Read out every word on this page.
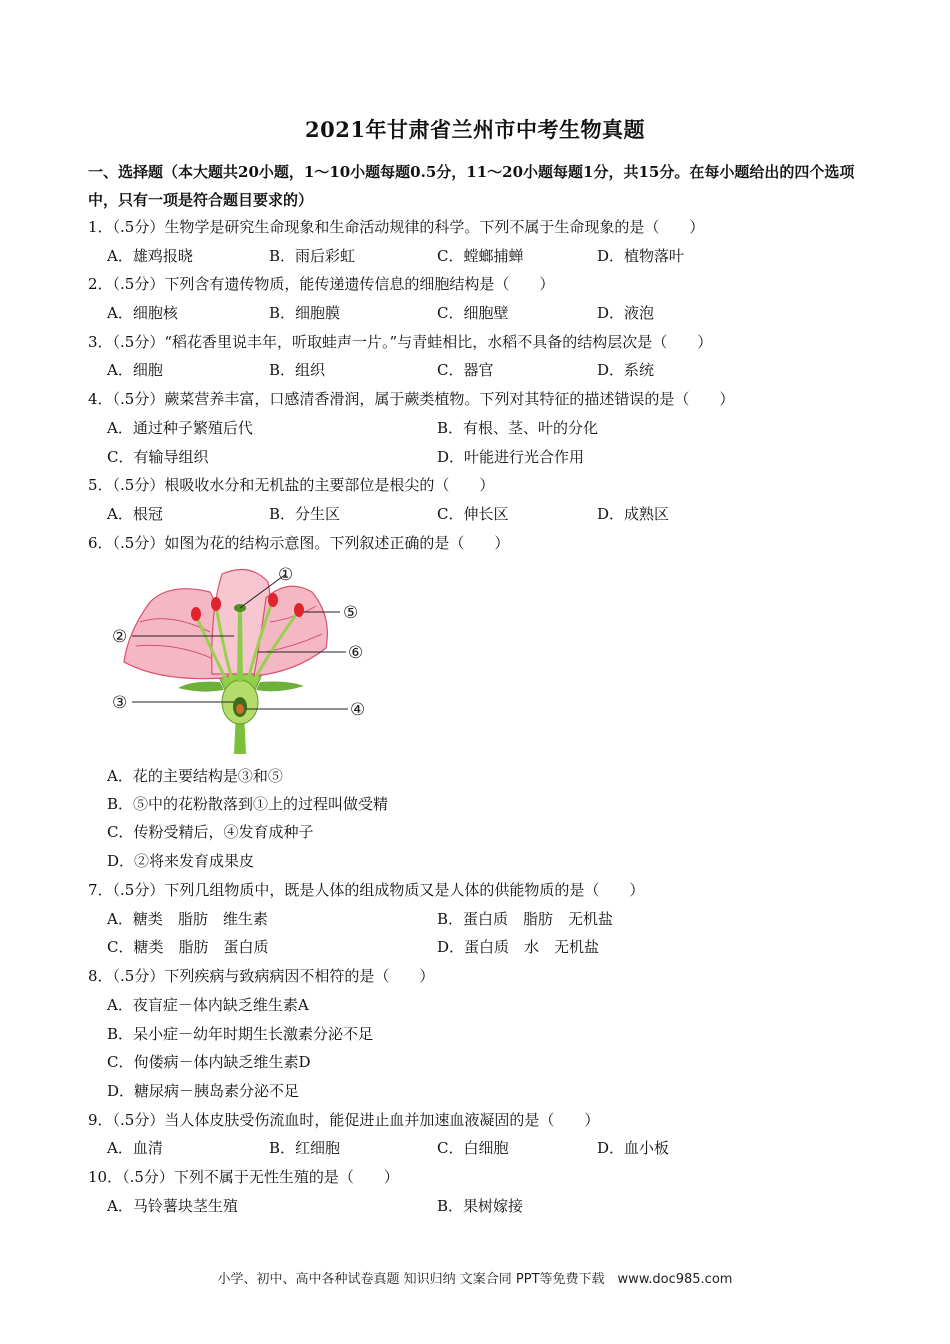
2021年甘肃省兰州市中考生物真题
一、选择题（本大题共20小题，1～10小题每题0.5分，11～20小题每题1分，共15分。在每小题给出的四个选项中，只有一项是符合题目要求的）
1．（.5分）生物学是研究生命现象和生命活动规律的科学。下列不属于生命现象的是（　　）
A．雄鸡报晓	B．雨后彩虹	C．螳螂捕蝉	D．植物落叶
2．（.5分）下列含有遗传物质，能传递遗传信息的细胞结构是（　　）
A．细胞核	B．细胞膜	C．细胞壁	D．液泡
3．（.5分）“稻花香里说丰年，听取蛙声一片。”与青蛙相比，水稻不具备的结构层次是（　　）
A．细胞	B．组织	C．器官	D．系统
4．（.5分）蕨菜营养丰富，口感清香滑润，属于蕨类植物。下列对其特征的描述错误的是（　　）
A．通过种子繁殖后代	B．有根、茎、叶的分化
C．有输导组织	D．叶能进行光合作用
5．（.5分）根吸收水分和无机盐的主要部位是根尖的（　　）
A．根冠	B．分生区	C．伸长区	D．成熟区
6．（.5分）如图为花的结构示意图。下列叙述正确的是（　　）
①
②
③	④
⑤
⑥
A．花的主要结构是③和⑤
B．⑤中的花粉散落到①上的过程叫做受精
C．传粉受精后，④发育成种子
D．②将来发育成果皮
7．（.5分）下列几组物质中，既是人体的组成物质又是人体的供能物质的是（　　）
A．糖类　脂肪　维生素	B．蛋白质　脂肪　无机盐
C．糖类　脂肪　蛋白质	D．蛋白质　水　无机盐
8．（.5分）下列疾病与致病病因不相符的是（　　）
A．夜盲症－体内缺乏维生素A
B．呆小症－幼年时期生长激素分泌不足
C．佝偻病－体内缺乏维生素D
D．糖尿病－胰岛素分泌不足
9．（.5分）当人体皮肤受伤流血时，能促进止血并加速血液凝固的是（　　）
A．血清	B．红细胞	C．白细胞	D．血小板
10．（.5分）下列不属于无性生殖的是（　　）
A．马铃薯块茎生殖	B．果树嫁接
小学、初中、高中各种试卷真题 知识归纳 文案合同 PPT等免费下载　www.doc985.com
